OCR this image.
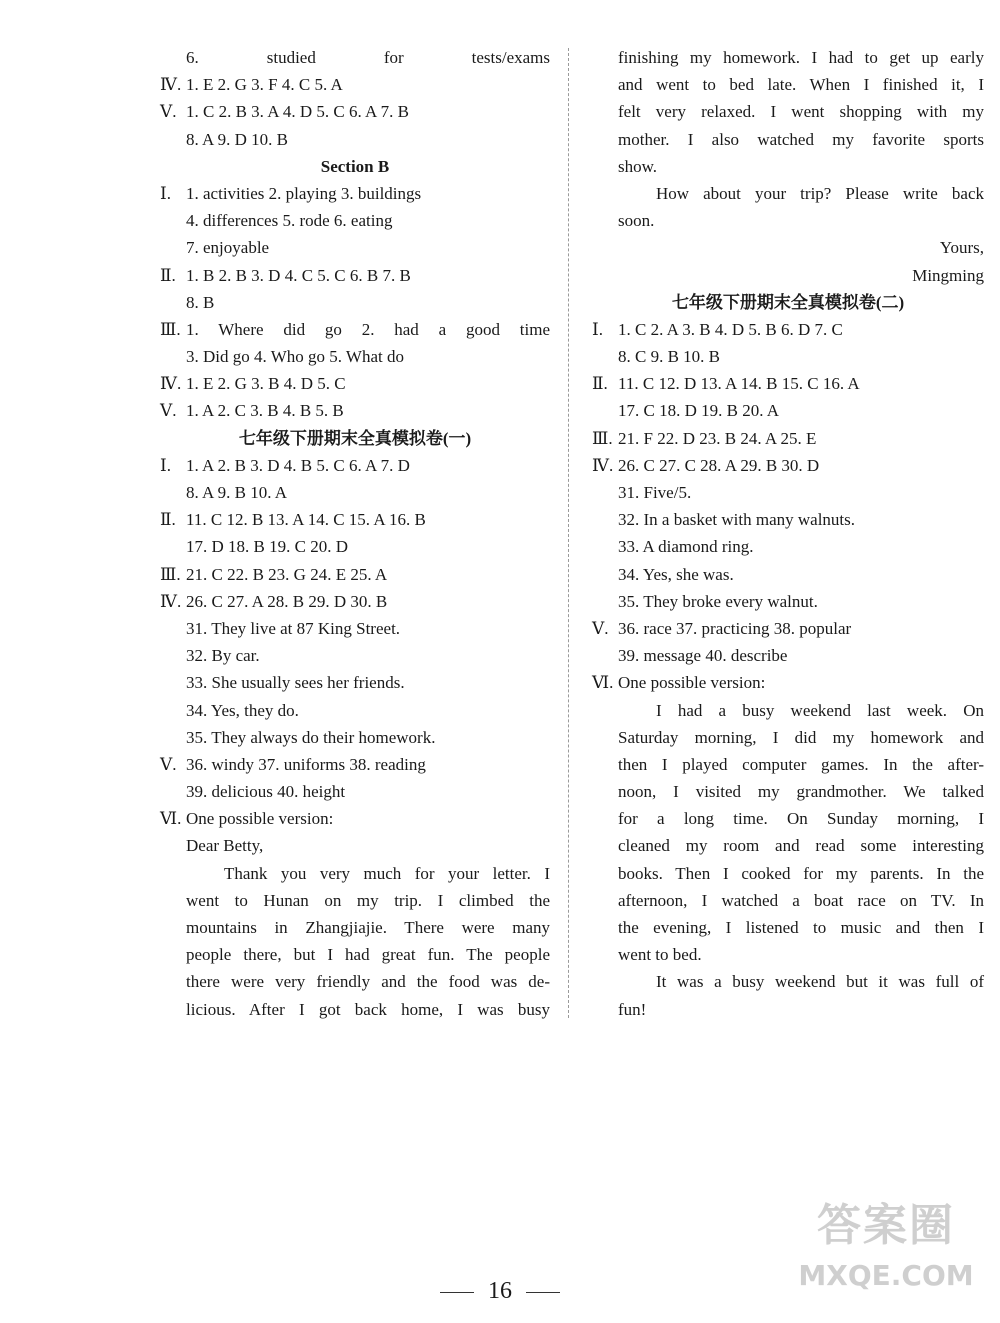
6. studied for tests/exams
Ⅳ. 1. E 2. G 3. F 4. C 5. A
Ⅴ. 1. C 2. B 3. A 4. D 5. C 6. A 7. B
8. A 9. D 10. B
Section B
Ⅰ. 1. activities 2. playing 3. buildings
4. differences 5. rode 6. eating
7. enjoyable
Ⅱ. 1. B 2. B 3. D 4. C 5. C 6. B 7. B
8. B
Ⅲ. 1. Where did go 2. had a good time
3. Did go 4. Who go 5. What do
Ⅳ. 1. E 2. G 3. B 4. D 5. C
Ⅴ. 1. A 2. C 3. B 4. B 5. B
七年级下册期末全真模拟卷(一)
Ⅰ. 1. A 2. B 3. D 4. B 5. C 6. A 7. D
8. A 9. B 10. A
Ⅱ. 11. C 12. B 13. A 14. C 15. A 16. B
17. D 18. B 19. C 20. D
Ⅲ. 21. C 22. B 23. G 24. E 25. A
Ⅳ. 26. C 27. A 28. B 29. D 30. B
31. They live at 87 King Street.
32. By car.
33. She usually sees her friends.
34. Yes, they do.
35. They always do their homework.
Ⅴ. 36. windy 37. uniforms 38. reading
39. delicious 40. height
Ⅵ. One possible version:
Dear Betty,
Thank you very much for your letter. I
went to Hunan on my trip. I climbed the
mountains in Zhangjiajie. There were many
people there, but I had great fun. The people
there were very friendly and the food was de-
licious. After I got back home, I was busy
finishing my homework. I had to get up early
and went to bed late. When I finished it, I
felt very relaxed. I went shopping with my
mother. I also watched my favorite sports
show.
How about your trip? Please write back
soon.
Yours,
Mingming
七年级下册期末全真模拟卷(二)
Ⅰ. 1. C 2. A 3. B 4. D 5. B 6. D 7. C
8. C 9. B 10. B
Ⅱ. 11. C 12. D 13. A 14. B 15. C 16. A
17. C 18. D 19. B 20. A
Ⅲ. 21. F 22. D 23. B 24. A 25. E
Ⅳ. 26. C 27. C 28. A 29. B 30. D
31. Five/5.
32. In a basket with many walnuts.
33. A diamond ring.
34. Yes, she was.
35. They broke every walnut.
Ⅴ. 36. race 37. practicing 38. popular
39. message 40. describe
Ⅵ. One possible version:
I had a busy weekend last week. On
Saturday morning, I did my homework and
then I played computer games. In the after-
noon, I visited my grandmother. We talked
for a long time. On Sunday morning, I
cleaned my room and read some interesting
books. Then I cooked for my parents. In the
afternoon, I watched a boat race on TV. In
the evening, I listened to music and then I
went to bed.
It was a busy weekend but it was full of
fun!
16
答案圈
MXQE.COM
